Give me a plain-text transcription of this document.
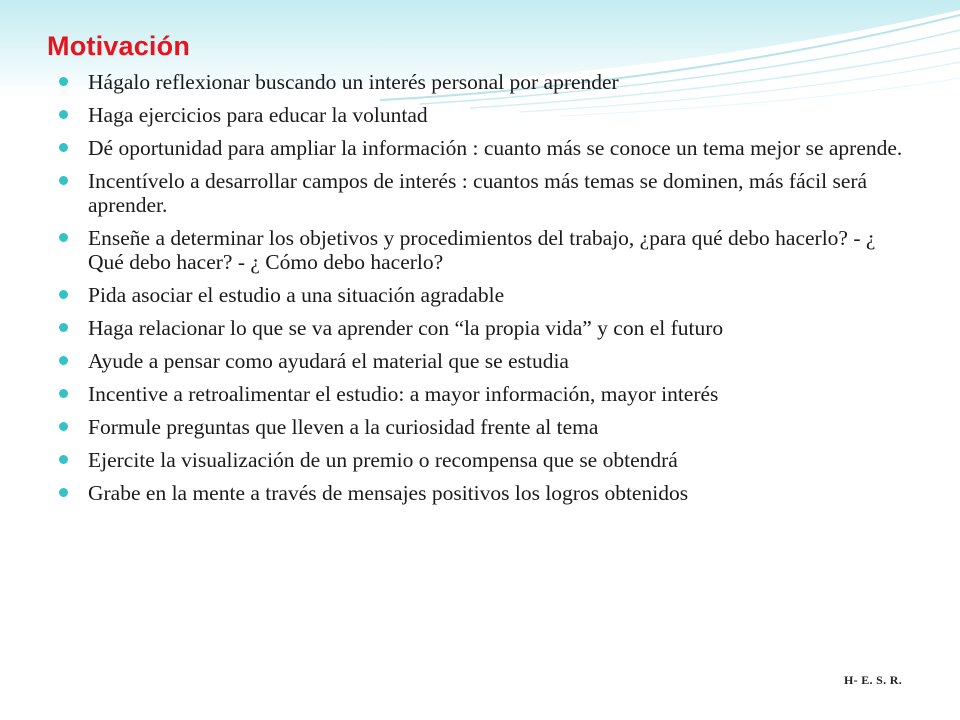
Motivación
Hágalo reflexionar buscando un interés personal por aprender
Haga ejercicios para educar la voluntad
Dé oportunidad para ampliar la información : cuanto más se conoce un tema mejor se aprende.
Incentívelo a desarrollar campos de interés : cuantos más temas se dominen, más fácil será aprender.
Enseñe a determinar los objetivos y procedimientos del trabajo, ¿para qué debo hacerlo? - ¿ Qué debo hacer? - ¿ Cómo debo hacerlo?
Pida asociar el estudio a una situación agradable
Haga relacionar lo que se va aprender con “la propia vida” y con el futuro
Ayude a pensar como ayudará el material que se estudia
Incentive a retroalimentar el estudio: a mayor información, mayor interés
Formule preguntas que lleven a la curiosidad frente al tema
Ejercite la visualización de un premio o recompensa que se obtendrá
Grabe en la mente a través de mensajes positivos los logros obtenidos
H- E. S. R.
